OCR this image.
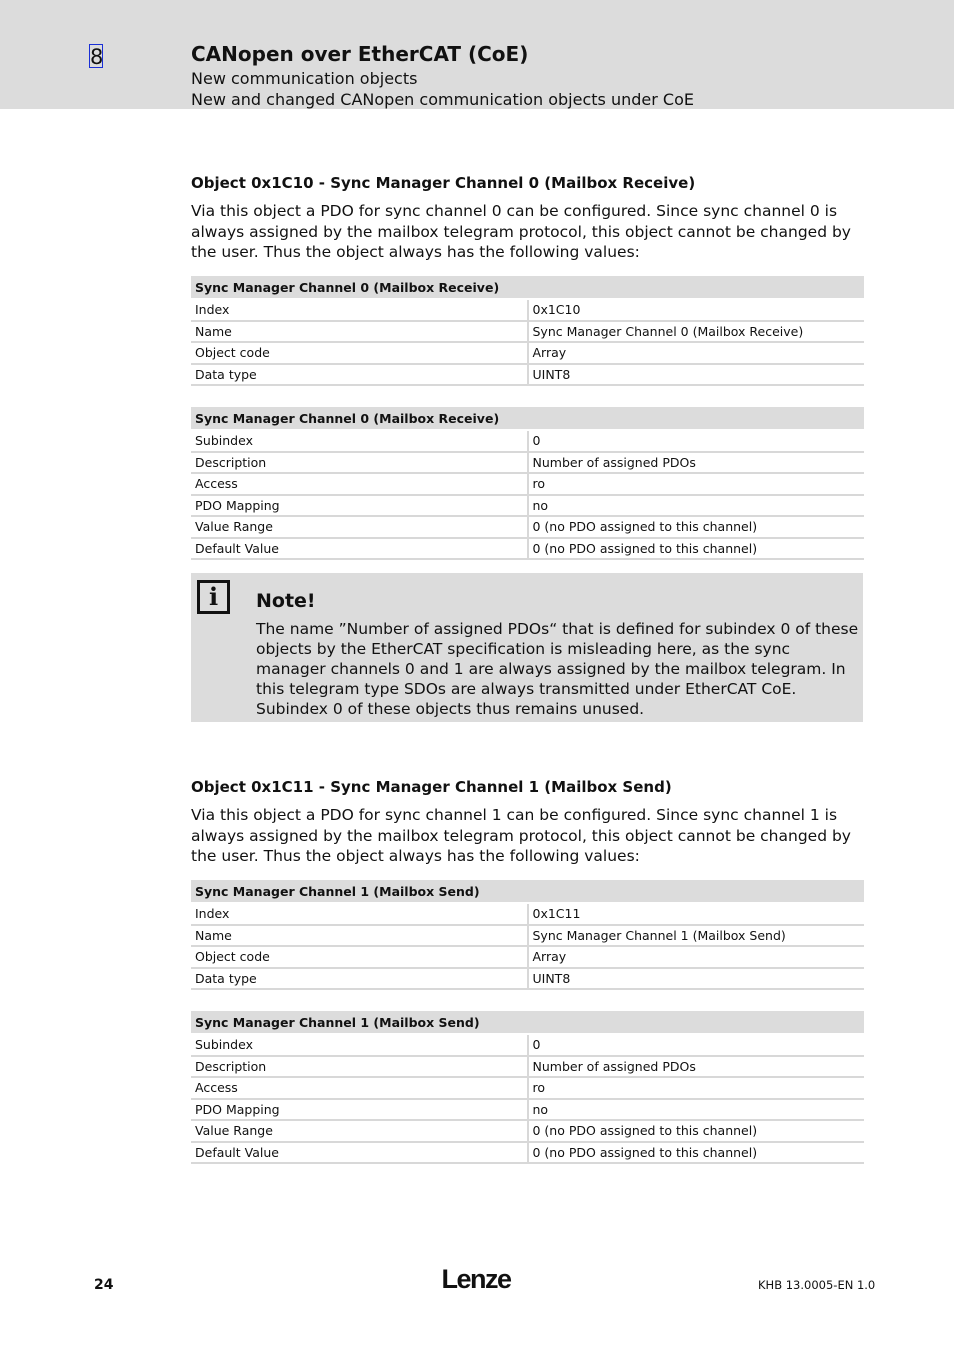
8	CANopen over EtherCAT (CoE)
New communication objects
New and changed CANopen communication objects under CoE
Object 0x1C10 - Sync Manager Channel 0 (Mailbox Receive)
Via this object a PDO for sync channel 0 can be configured. Since sync channel 0 is always assigned by the mailbox telegram protocol, this object cannot be changed by the user. Thus the object always has the following values:
Sync Manager Channel 0 (Mailbox Receive)	
Index	0x1C10
Name	Sync Manager Channel 0 (Mailbox Receive)
Object code	Array
Data type	UINT8
Sync Manager Channel 0 (Mailbox Receive)	
Subindex	0
Description	Number of assigned PDOs
Access	ro
PDO Mapping	no
Value Range	0 (no PDO assigned to this channel)
Default Value	0 (no PDO assigned to this channel)
i	Note!
The name ”Number of assigned PDOs“ that is defined for subindex 0 of these objects by the EtherCAT specification is misleading here, as the sync manager channels 0 and 1 are always assigned by the mailbox telegram. In this telegram type SDOs are always transmitted under EtherCAT CoE. Subindex 0 of these objects thus remains unused.
Object 0x1C11 - Sync Manager Channel 1 (Mailbox Send)
Via this object a PDO for sync channel 1 can be configured. Since sync channel 1 is always assigned by the mailbox telegram protocol, this object cannot be changed by the user. Thus the object always has the following values:
Sync Manager Channel 1 (Mailbox Send)	
Index	0x1C11
Name	Sync Manager Channel 1 (Mailbox Send)
Object code	Array
Data type	UINT8
Sync Manager Channel 1 (Mailbox Send)	
Subindex	0
Description	Number of assigned PDOs
Access	ro
PDO Mapping	no
Value Range	0 (no PDO assigned to this channel)
Default Value	0 (no PDO assigned to this channel)
24	Lenze	KHB 13.0005-EN 1.0
